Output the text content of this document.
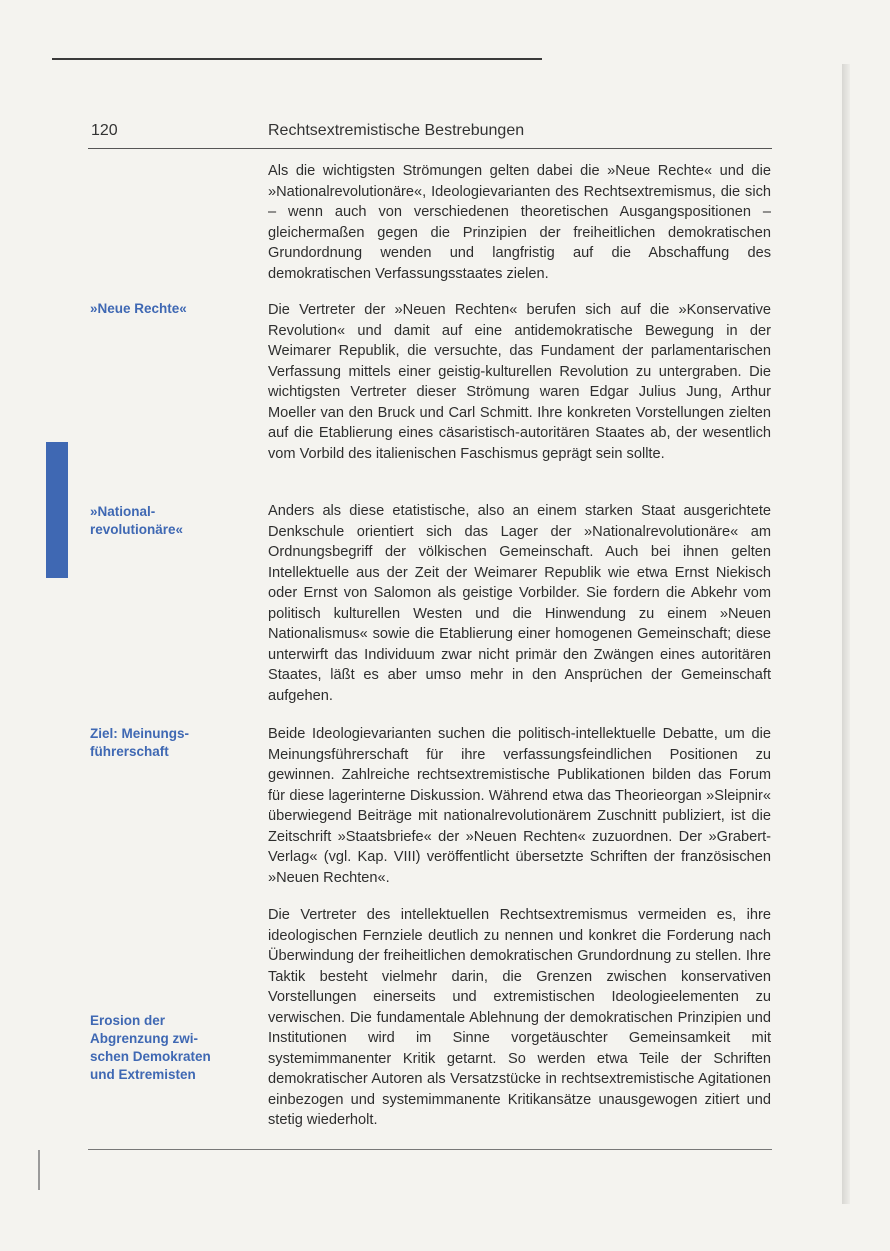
120	Rechtsextremistische Bestrebungen
»Neue Rechte«
»National-
revolutionäre«
Ziel: Meinungs-
führerschaft
Erosion der
Abgrenzung zwi-
schen Demokraten
und Extremisten
Als die wichtigsten Strömungen gelten dabei die »Neue Rechte« und die »Nationalrevolutionäre«, Ideologievarianten des Rechtsextremismus, die sich – wenn auch von verschiedenen theoretischen Ausgangspositionen – gleichermaßen gegen die Prinzipien der freiheitlichen demokratischen Grundordnung wenden und langfristig auf die Abschaffung des demokratischen Verfassungsstaates zielen.
Die Vertreter der »Neuen Rechten« berufen sich auf die »Konservative Revolution« und damit auf eine antidemokratische Bewegung in der Weimarer Republik, die versuchte, das Fundament der parlamentarischen Verfassung mittels einer geistig-kulturellen Revolution zu untergraben. Die wichtigsten Vertreter dieser Strömung waren Edgar Julius Jung, Arthur Moeller van den Bruck und Carl Schmitt. Ihre konkreten Vorstellungen zielten auf die Etablierung eines cäsaristisch-autoritären Staates ab, der wesentlich vom Vorbild des italienischen Faschismus geprägt sein sollte.
Anders als diese etatistische, also an einem starken Staat ausgerichtete Denkschule orientiert sich das Lager der »Nationalrevolutionäre« am Ordnungsbegriff der völkischen Gemeinschaft. Auch bei ihnen gelten Intellektuelle aus der Zeit der Weimarer Republik wie etwa Ernst Niekisch oder Ernst von Salomon als geistige Vorbilder. Sie fordern die Abkehr vom politisch kulturellen Westen und die Hinwendung zu einem »Neuen Nationalismus« sowie die Etablierung einer homogenen Gemeinschaft; diese unterwirft das Individuum zwar nicht primär den Zwängen eines autoritären Staates, läßt es aber umso mehr in den Ansprüchen der Gemeinschaft aufgehen.
Beide Ideologievarianten suchen die politisch-intellektuelle Debatte, um die Meinungsführerschaft für ihre verfassungsfeindlichen Positionen zu gewinnen. Zahlreiche rechtsextremistische Publikationen bilden das Forum für diese lagerinterne Diskussion. Während etwa das Theorieorgan »Sleipnir« überwiegend Beiträge mit nationalrevolutionärem Zuschnitt publiziert, ist die Zeitschrift »Staatsbriefe« der »Neuen Rechten« zuzuordnen. Der »Grabert-Verlag« (vgl. Kap. VIII) veröffentlicht übersetzte Schriften der französischen »Neuen Rechten«.
Die Vertreter des intellektuellen Rechtsextremismus vermeiden es, ihre ideologischen Fernziele deutlich zu nennen und konkret die Forderung nach Überwindung der freiheitlichen demokratischen Grundordnung zu stellen. Ihre Taktik besteht vielmehr darin, die Grenzen zwischen konservativen Vorstellungen einerseits und extremistischen Ideologieelementen zu verwischen. Die fundamentale Ablehnung der demokratischen Prinzipien und Institutionen wird im Sinne vorgetäuschter Gemeinsamkeit mit systemimmanenter Kritik getarnt. So werden etwa Teile der Schriften demokratischer Autoren als Versatzstücke in rechtsextremistische Agitationen einbezogen und systemimmanente Kritikansätze unausgewogen zitiert und stetig wiederholt.
